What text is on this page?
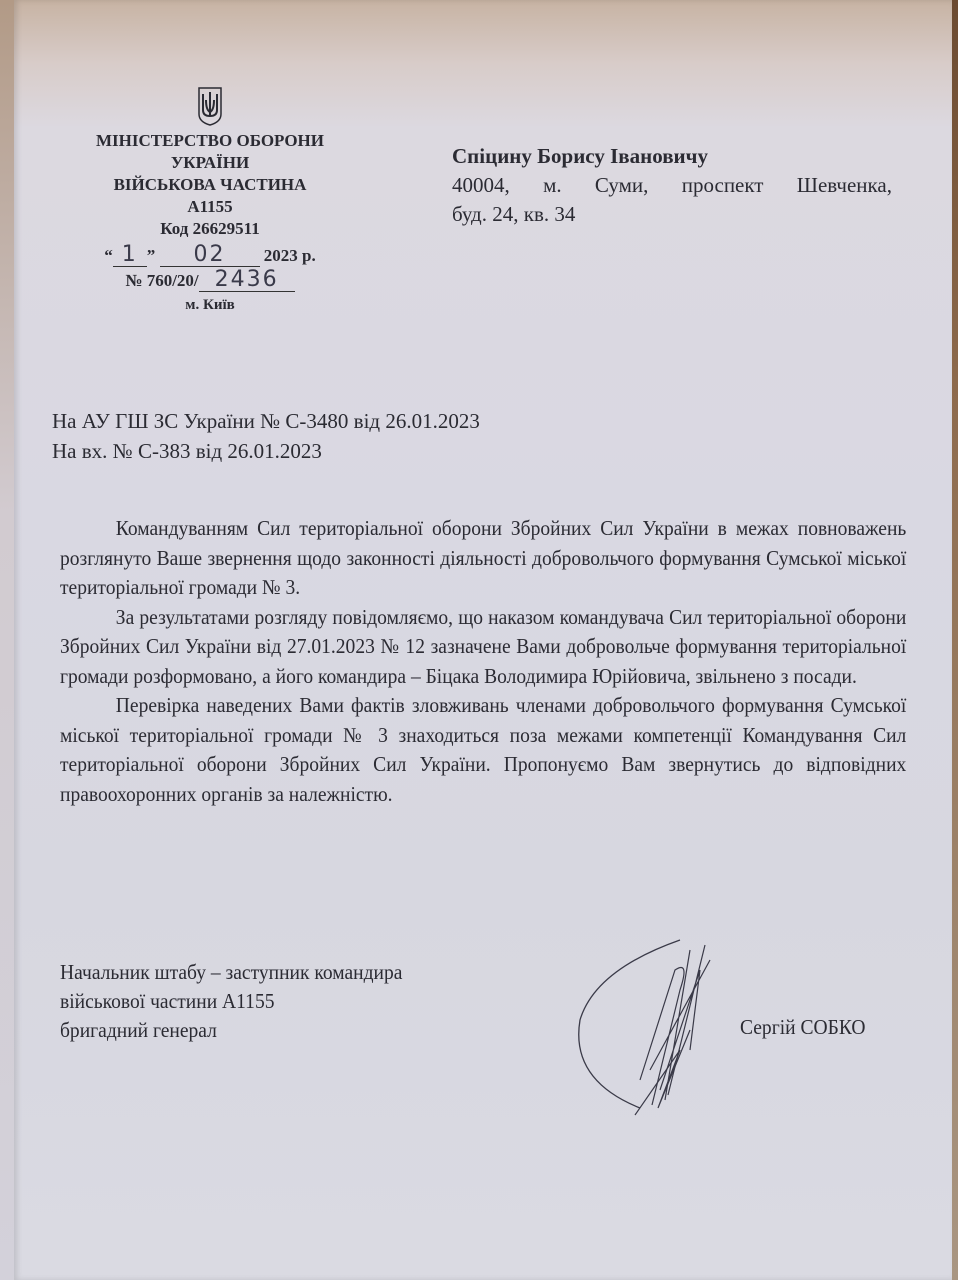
МІНІСТЕРСТВО ОБОРОНИ
УКРАЇНИ
ВІЙСЬКОВА ЧАСТИНА
А1155
Код 26629511
“ 1 ” 02 2023 р.
№ 760/20/ 2436
м. Київ
Спіцину Борису Івановичу
40004, м. Суми, проспект Шевченка,
буд. 24, кв. 34
На АУ ГШ ЗС України № С-3480 від 26.01.2023
На вх. № С-383 від 26.01.2023

Командуванням Сил територіальної оборони Збройних Сил України в межах повноважень розглянуто Ваше звернення щодо законності діяльності добровольчого формування Сумської міської територіальної громади № 3.

За результатами розгляду повідомляємо, що наказом командувача Сил територіальної оборони Збройних Сил України від 27.01.2023 № 12 зазначене Вами добровольче формування територіальної громади розформовано, а його командира – Біцака Володимира Юрійовича, звільнено з посади.

Перевірка наведених Вами фактів зловживань членами добровольчого формування Сумської міської територіальної громади № 3 знаходиться поза межами компетенції Командування Сил територіальної оборони Збройних Сил України. Пропонуємо Вам звернутись до відповідних правоохоронних органів за належністю.

Начальник штабу – заступник командира
військової частини А1155
бригадний генерал	Сергій СОБКО
